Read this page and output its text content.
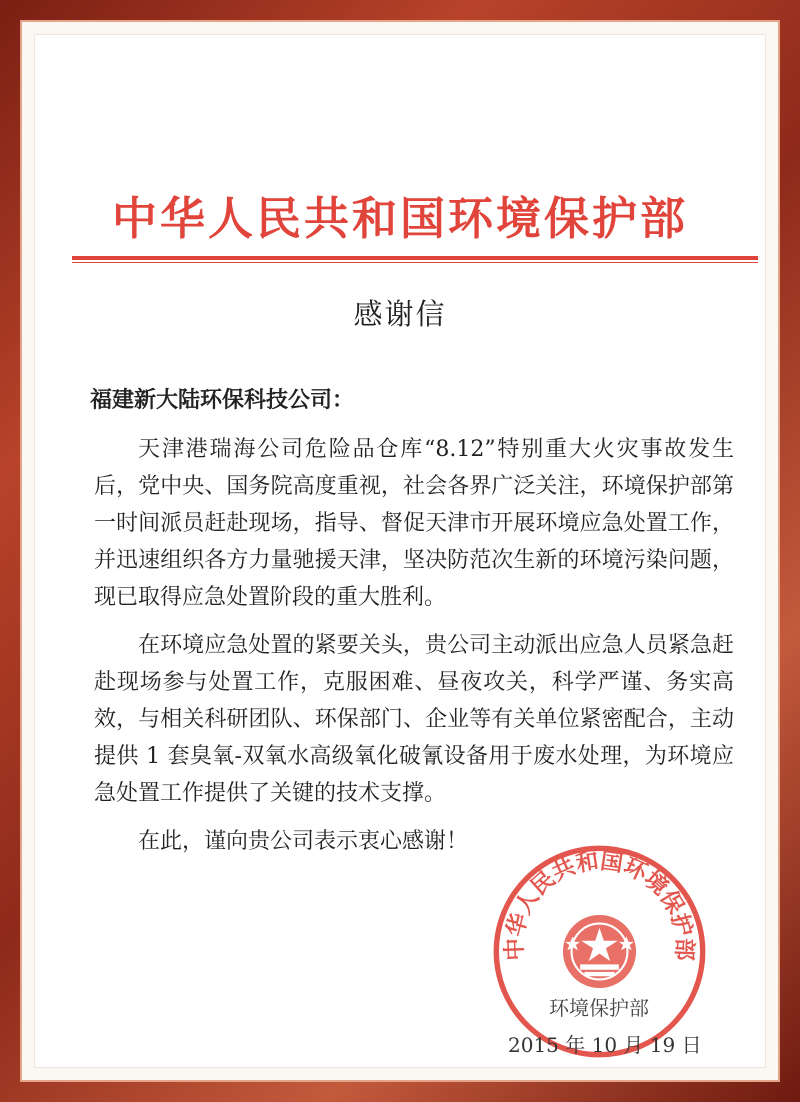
中华人民共和国环境保护部
感谢信
福建新大陆环保科技公司：

天津港瑞海公司危险品仓库“8.12”特别重大火灾事故发生后，党中央、国务院高度重视，社会各界广泛关注，环境保护部第一时间派员赶赴现场，指导、督促天津市开展环境应急处置工作，并迅速组织各方力量驰援天津，坚决防范次生新的环境污染问题，现已取得应急处置阶段的重大胜利。

在环境应急处置的紧要关头，贵公司主动派出应急人员紧急赶赴现场参与处置工作，克服困难、昼夜攻关，科学严谨、务实高效，与相关科研团队、环保部门、企业等有关单位紧密配合，主动提供 1 套臭氧-双氧水高级氧化破氰设备用于废水处理，为环境应急处置工作提供了关键的技术支撑。

在此，谨向贵公司表示衷心感谢！

中华人民共和国环境保护部
环境保护部
2015 年 10 月 19 日
